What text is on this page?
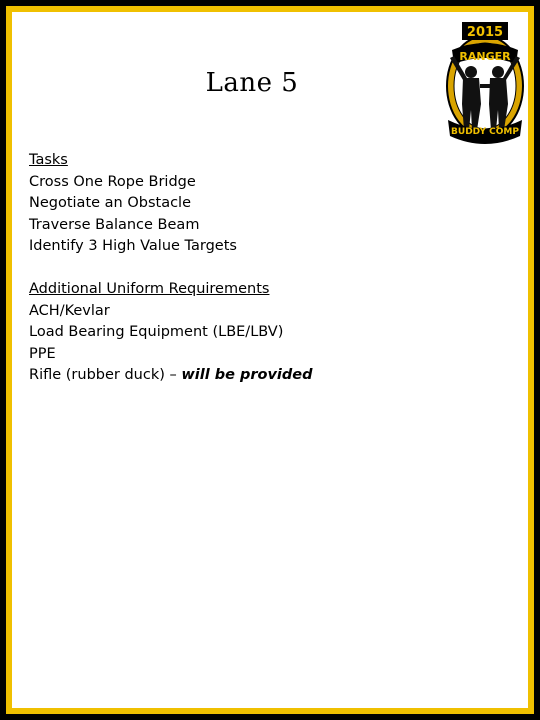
Lane 5
2015
RANGER
BUDDY COMP
Tasks
Cross One Rope Bridge
Negotiate an Obstacle
Traverse Balance Beam
Identify 3 High Value Targets
Additional Uniform Requirements
ACH/Kevlar
Load Bearing Equipment (LBE/LBV)
PPE
Rifle (rubber duck) – will be provided
